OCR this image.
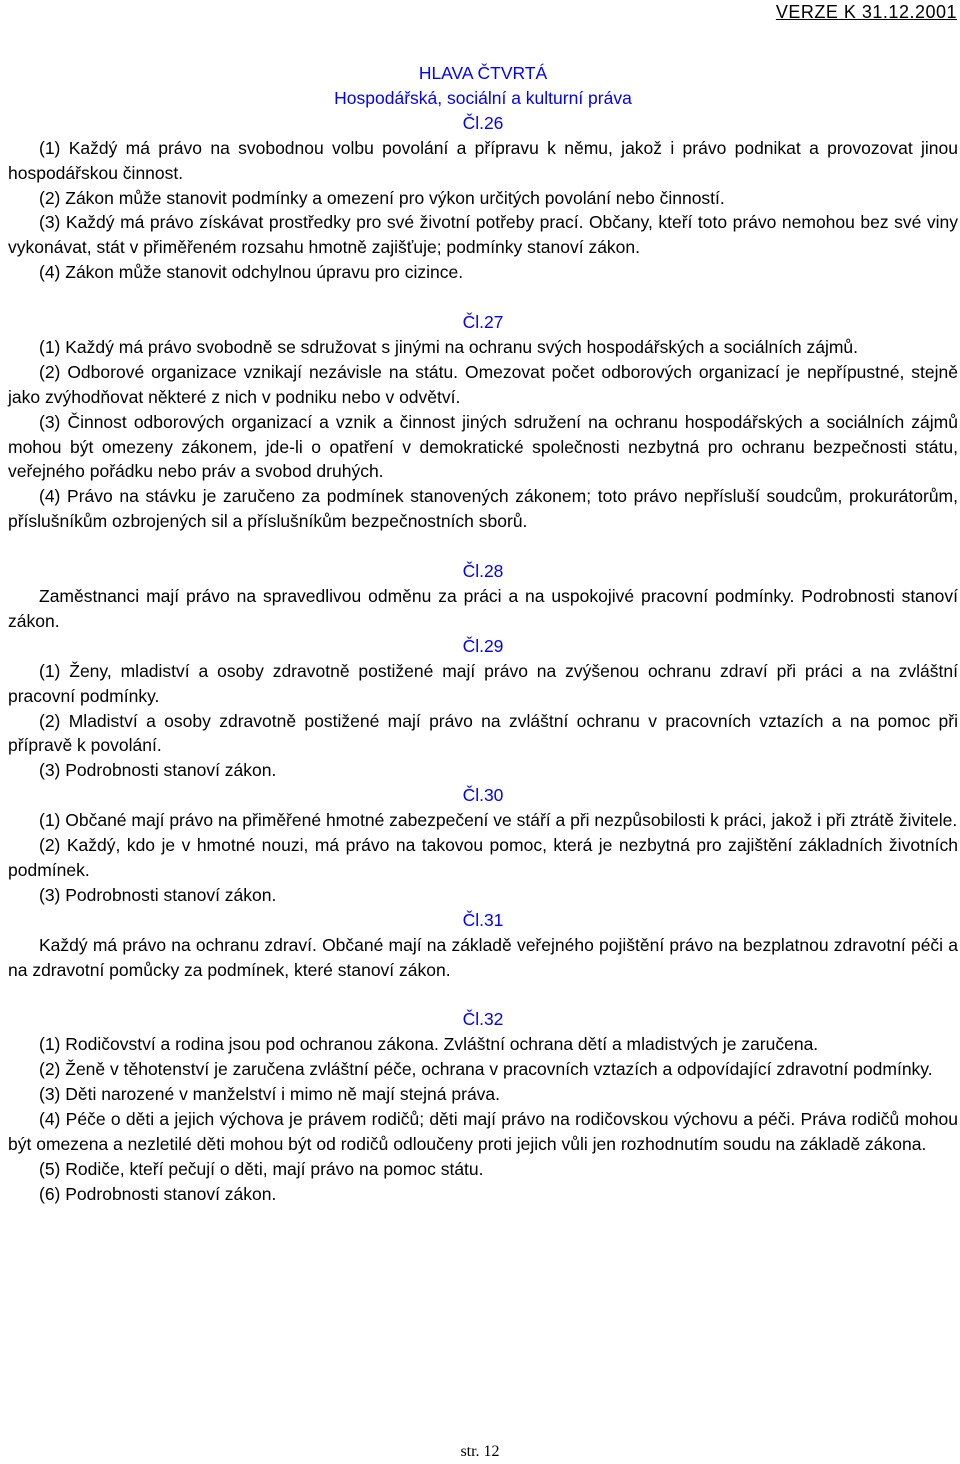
VERZE K 31.12.2001
HLAVA ČTVRTÁ
Hospodářská, sociální a kulturní práva
Čl.26

(1) Každý má právo na svobodnou volbu povolání a přípravu k němu, jakož i právo podnikat a provozovat jinou hospodářskou činnost.

(2) Zákon může stanovit podmínky a omezení pro výkon určitých povolání nebo činností.

(3) Každý má právo získávat prostředky pro své životní potřeby prací. Občany, kteří toto právo nemohou bez své viny vykonávat, stát v přiměřeném rozsahu hmotně zajišťuje; podmínky stanoví zákon.

(4) Zákon může stanovit odchylnou úpravu pro cizince.

Čl.27

(1) Každý má právo svobodně se sdružovat s jinými na ochranu svých hospodářských a sociálních zájmů.

(2) Odborové organizace vznikají nezávisle na státu. Omezovat počet odborových organizací je nepřípustné, stejně jako zvýhodňovat některé z nich v podniku nebo v odvětví.

(3) Činnost odborových organizací a vznik a činnost jiných sdružení na ochranu hospodářských a sociálních zájmů mohou být omezeny zákonem, jde-li o opatření v demokratické společnosti nezbytná pro ochranu bezpečnosti státu, veřejného pořádku nebo práv a svobod druhých.

(4) Právo na stávku je zaručeno za podmínek stanovených zákonem; toto právo nepřísluší soudcům, prokurátorům, příslušníkům ozbrojených sil a příslušníkům bezpečnostních sborů.

Čl.28

Zaměstnanci mají právo na spravedlivou odměnu za práci a na uspokojivé pracovní podmínky. Podrobnosti stanoví zákon.

Čl.29

(1) Ženy, mladiství a osoby zdravotně postižené mají právo na zvýšenou ochranu zdraví při práci a na zvláštní pracovní podmínky.

(2) Mladiství a osoby zdravotně postižené mají právo na zvláštní ochranu v pracovních vztazích a na pomoc při přípravě k povolání.

(3) Podrobnosti stanoví zákon.

Čl.30

(1) Občané mají právo na přiměřené hmotné zabezpečení ve stáří a při nezpůsobilosti k práci, jakož i při ztrátě živitele.

(2) Každý, kdo je v hmotné nouzi, má právo na takovou pomoc, která je nezbytná pro zajištění základních životních podmínek.

(3) Podrobnosti stanoví zákon.

Čl.31

Každý má právo na ochranu zdraví. Občané mají na základě veřejného pojištění právo na bezplatnou zdravotní péči a na zdravotní pomůcky za podmínek, které stanoví zákon.

Čl.32

(1) Rodičovství a rodina jsou pod ochranou zákona. Zvláštní ochrana dětí a mladistvých je zaručena.

(2) Ženě v těhotenství je zaručena zvláštní péče, ochrana v pracovních vztazích a odpovídající zdravotní podmínky.

(3) Děti narozené v manželství i mimo ně mají stejná práva.

(4) Péče o děti a jejich výchova je právem rodičů; děti mají právo na rodičovskou výchovu a péči. Práva rodičů mohou být omezena a nezletilé děti mohou být od rodičů odloučeny proti jejich vůli jen rozhodnutím soudu na základě zákona.

(5) Rodiče, kteří pečují o děti, mají právo na pomoc státu.

(6) Podrobnosti stanoví zákon.

str. 12
